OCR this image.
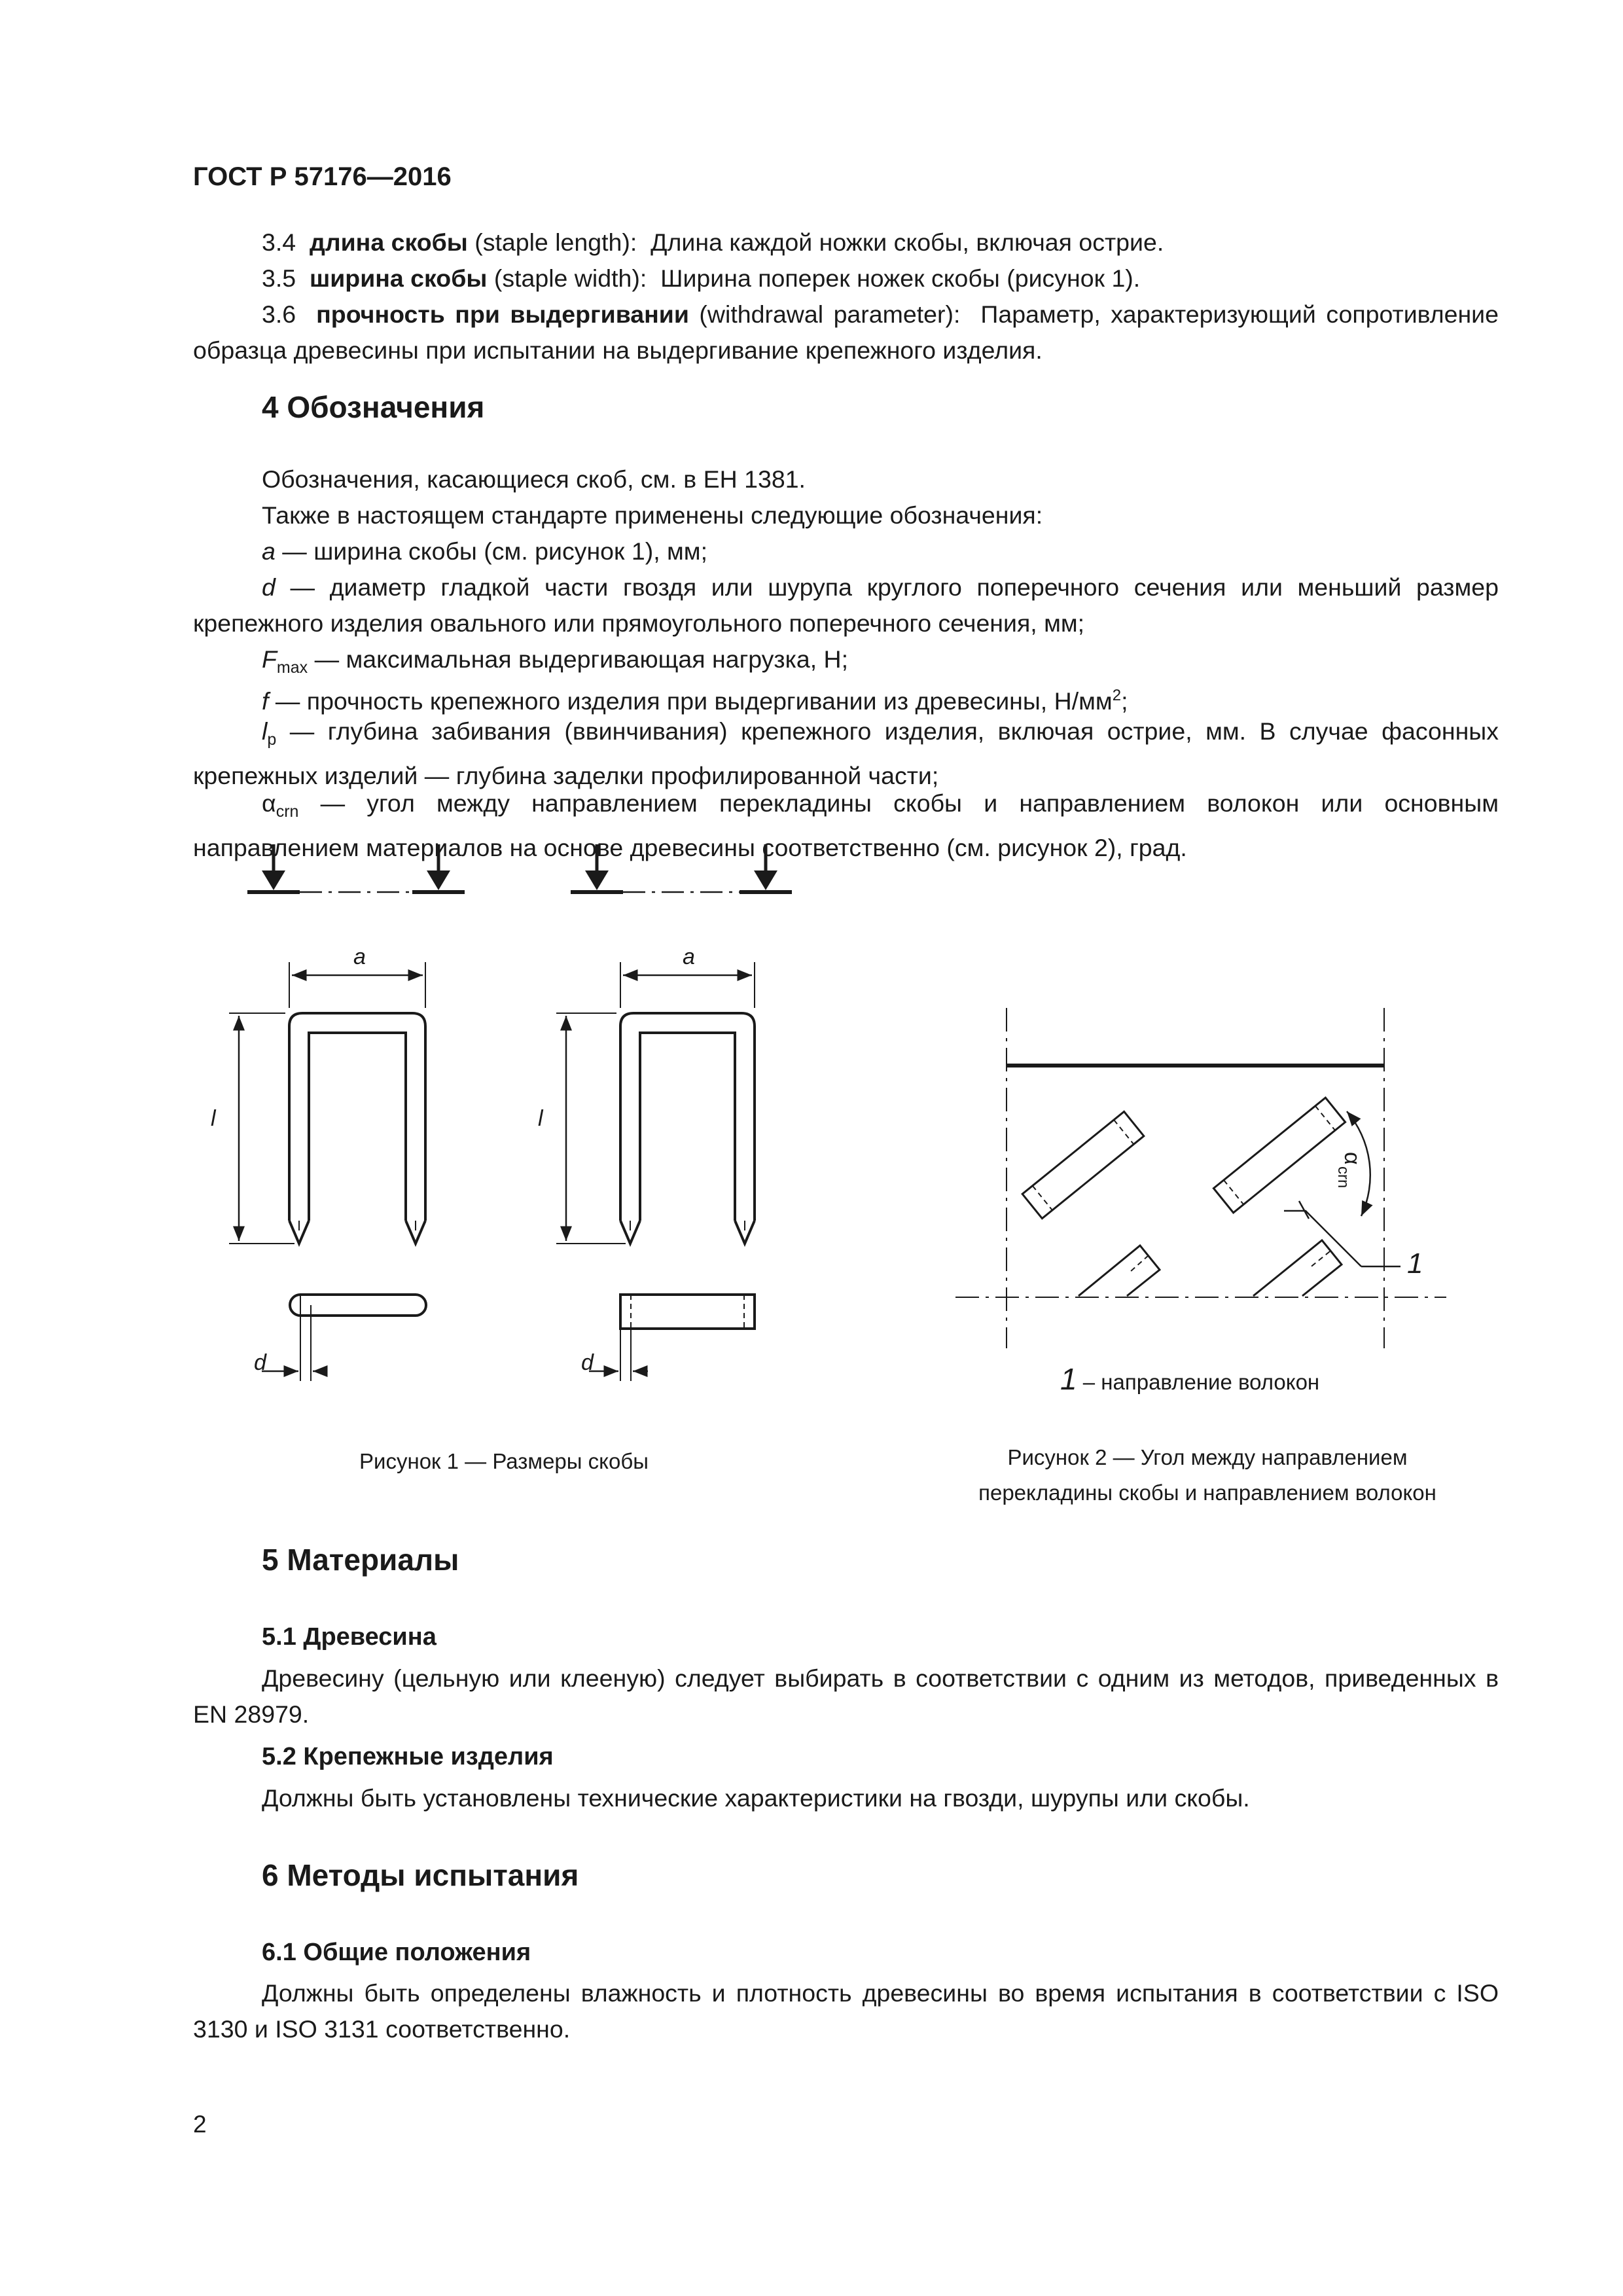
ГОСТ Р 57176—2016
3.4 длина скобы (staple length): Длина каждой ножки скобы, включая острие.
3.5 ширина скобы (staple width): Ширина поперек ножек скобы (рисунок 1).
3.6 прочность при выдергивании (withdrawal parameter): Параметр, характеризующий сопротивление образца древесины при испытании на выдергивание крепежного изделия.
4 Обозначения
Обозначения, касающиеся скоб, см. в ЕН 1381.
Также в настоящем стандарте применены следующие обозначения:
a — ширина скобы (см. рисунок 1), мм;
d — диаметр гладкой части гвоздя или шурупа круглого поперечного сечения или меньший размер крепежного изделия овального или прямоугольного поперечного сечения, мм;
$F_{max}$ — максимальная выдергивающая нагрузка, Н;
f — прочность крепежного изделия при выдергивании из древесины, $Н/мм^2$;
$l_p$ — глубина забивания (ввинчивания) крепежного изделия, включая острие, мм. В случае фасонных крепежных изделий — глубина заделки профилированной части;
$\alpha_{crn}$ — угол между направлением перекладины скобы и направлением волокон или основным направлением материалов на основе древесины соответственно (см. рисунок 2), град.
a	a
l	l
d	d
α
crn
1
1 – направление волокон
Рисунок 1 — Размеры скобы	Рисунок 2 — Угол между направлением
перекладины скобы и направлением волокон
5 Материалы
5.1 Древесина
Древесину (цельную или клееную) следует выбирать в соответствии с одним из методов, приведенных в EN 28979.
5.2 Крепежные изделия
Должны быть установлены технические характеристики на гвозди, шурупы или скобы.
6 Методы испытания
6.1 Общие положения
Должны быть определены влажность и плотность древесины во время испытания в соответствии с ISO 3130 и ISO 3131 соответственно.
2
